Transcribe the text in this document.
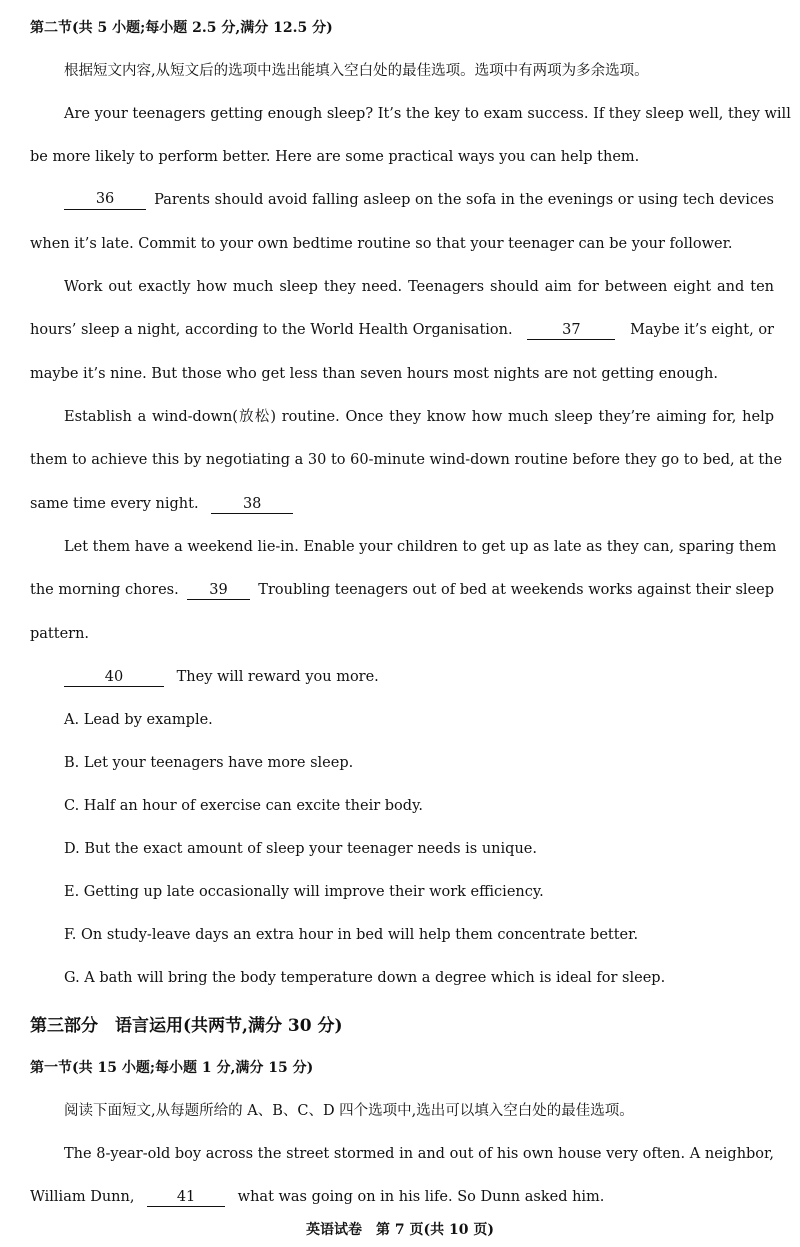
第二节(共 5 小题;每小题 2.5 分,满分 12.5 分)
根据短文内容,从短文后的选项中选出能填入空白处的最佳选项。选项中有两项为多余选项。
Are your teenagers getting enough sleep? It’s the key to exam success. If they sleep well, they will
be more likely to perform better. Here are some practical ways you can help them.
36	Parents should avoid falling asleep on the sofa in the evenings or using tech devices
when it’s late. Commit to your own bedtime routine so that your teenager can be your follower.
Work out exactly how much sleep they need. Teenagers should aim for between eight and ten
hours’ sleep a night, according to the World Health Organisation.	37	Maybe it’s eight, or
maybe it’s nine. But those who get less than seven hours most nights are not getting enough.
Establish a wind-down(放松) routine. Once they know how much sleep they’re aiming for, help
them to achieve this by negotiating a 30 to 60-minute wind-down routine before they go to bed, at the
same time every night.	38
Let them have a weekend lie-in. Enable your children to get up as late as they can, sparing them
the morning chores.	39	Troubling teenagers out of bed at weekends works against their sleep
pattern.
40	They will reward you more.
A. Lead by example.
B. Let your teenagers have more sleep.
C. Half an hour of exercise can excite their body.
D. But the exact amount of sleep your teenager needs is unique.
E. Getting up late occasionally will improve their work efficiency.
F. On study-leave days an extra hour in bed will help them concentrate better.
G. A bath will bring the body temperature down a degree which is ideal for sleep.
第三部分　语言运用(共两节,满分 30 分)
第一节(共 15 小题;每小题 1 分,满分 15 分)
阅读下面短文,从每题所给的 A、B、C、D 四个选项中,选出可以填入空白处的最佳选项。
The 8-year-old boy across the street stormed in and out of his own house very often. A neighbor,
William Dunn,	41	what was going on in his life. So Dunn asked him.
英语试卷　第 7 页(共 10 页)
